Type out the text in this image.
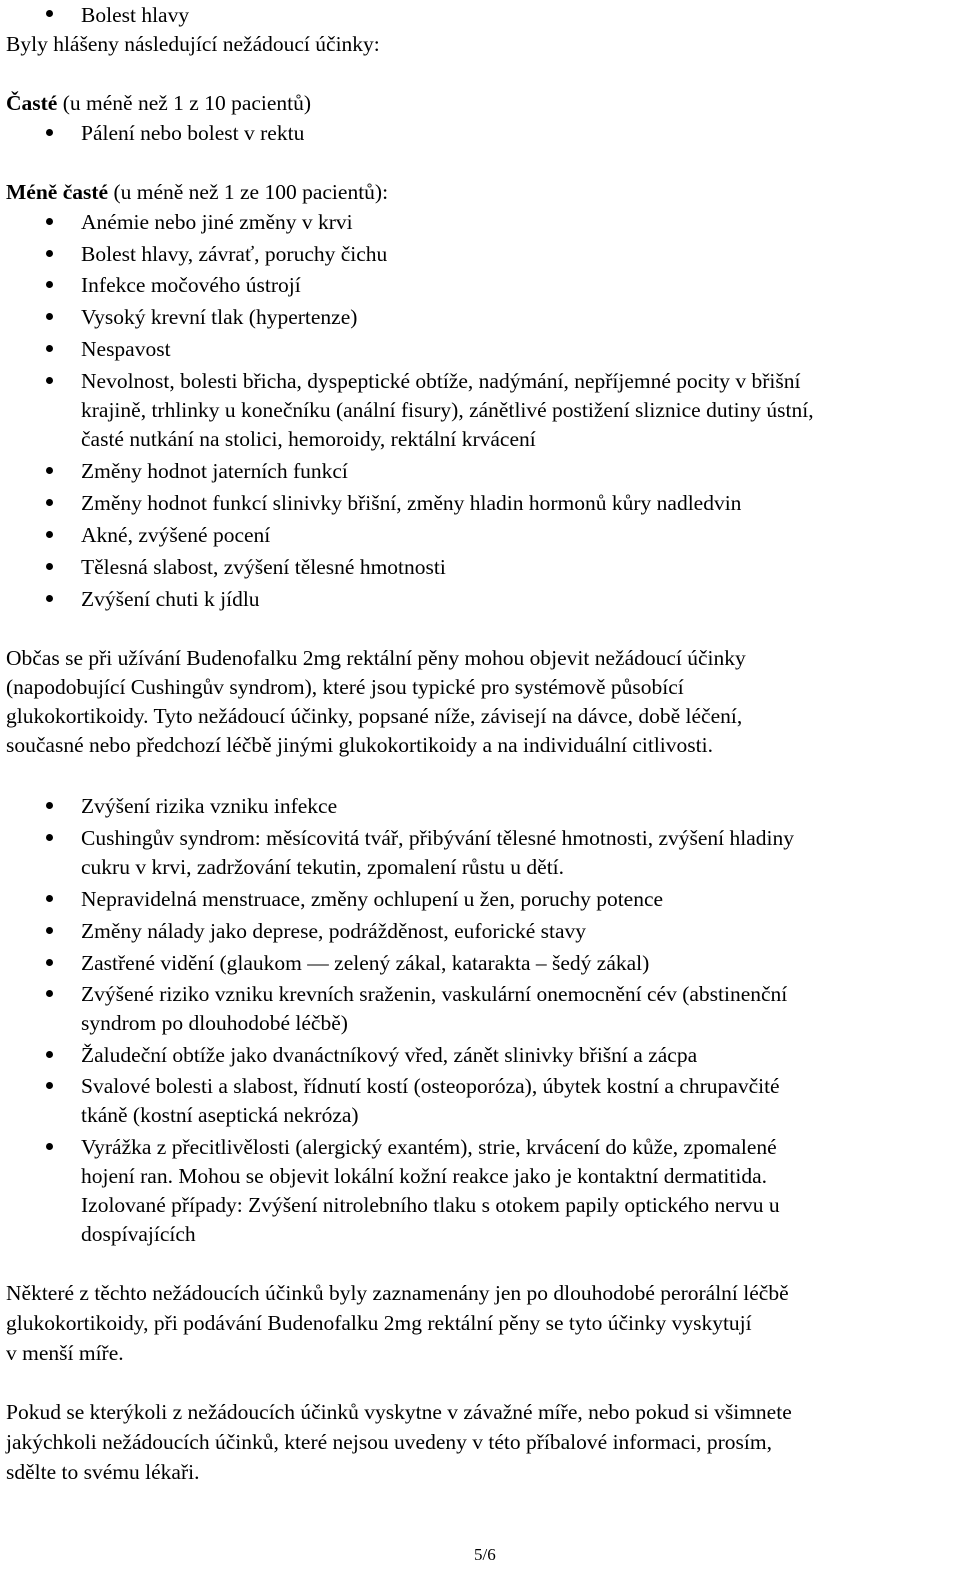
Bolest hlavy
Byly hlášeny následující nežádoucí účinky:
Časté (u méně než 1 z 10 pacientů)
Pálení nebo bolest v rektu
Méně časté (u méně než 1 ze 100 pacientů):
Anémie nebo jiné změny v krvi
Bolest hlavy, závrať, poruchy čichu
Infekce močového ústrojí
Vysoký krevní tlak (hypertenze)
Nespavost
Nevolnost, bolesti břicha, dyspeptické obtíže, nadýmání, nepříjemné pocity v břišní
krajině, trhlinky u konečníku (anální fisury), zánětlivé postižení sliznice dutiny ústní,
časté nutkání na stolici, hemoroidy, rektální krvácení
Změny hodnot jaterních funkcí
Změny hodnot funkcí slinivky břišní, změny hladin hormonů kůry nadledvin
Akné, zvýšené pocení
Tělesná slabost, zvýšení tělesné hmotnosti
Zvýšení chuti k jídlu
Občas se při užívání Budenofalku 2mg rektální pěny mohou objevit nežádoucí účinky
(napodobující Cushingův syndrom), které jsou typické pro systémově působící
glukokortikoidy. Tyto nežádoucí účinky, popsané níže, závisejí na dávce, době léčení,
současné nebo předchozí léčbě jinými glukokortikoidy a na individuální citlivosti.
Zvýšení rizika vzniku infekce
Cushingův syndrom: měsícovitá tvář, přibývání tělesné hmotnosti, zvýšení hladiny
cukru v krvi, zadržování tekutin, zpomalení růstu u dětí.
Nepravidelná menstruace, změny ochlupení u žen, poruchy potence
Změny nálady jako deprese, podrážděnost, euforické stavy
Zastřené vidění (glaukom — zelený zákal, katarakta – šedý zákal)
Zvýšené riziko vzniku krevních sraženin, vaskulární onemocnění cév (abstinenční
syndrom po dlouhodobé léčbě)
Žaludeční obtíže jako dvanáctníkový vřed, zánět slinivky břišní a zácpa
Svalové bolesti a slabost, řídnutí kostí (osteoporóza), úbytek kostní a chrupavčité
tkáně (kostní aseptická nekróza)
Vyrážka z přecitlivělosti (alergický exantém), strie, krvácení do kůže, zpomalené
hojení ran. Mohou se objevit lokální kožní reakce jako je kontaktní dermatitida.
Izolované případy: Zvýšení nitrolebního tlaku s otokem papily optického nervu u
dospívajících
Některé z těchto nežádoucích účinků byly zaznamenány jen po dlouhodobé perorální léčbě
glukokortikoidy, při podávání Budenofalku 2mg rektální pěny se tyto účinky vyskytují
v menší míře.
Pokud se kterýkoli z nežádoucích účinků vyskytne v závažné míře, nebo pokud si všimnete
jakýchkoli nežádoucích účinků, které nejsou uvedeny v této příbalové informaci, prosím,
sdělte to svému lékaři.
5/6
